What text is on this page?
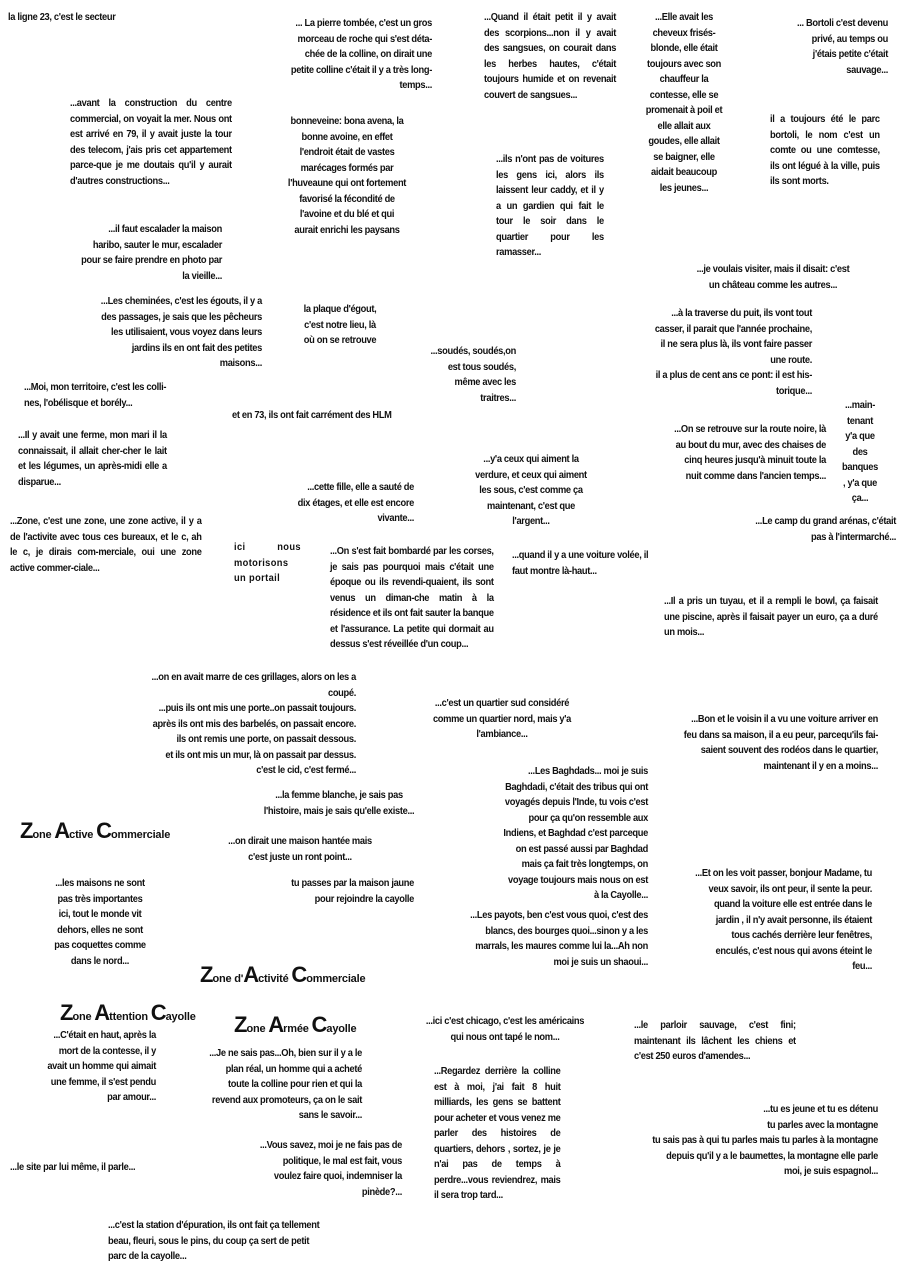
la ligne 23, c'est le secteur

... La pierre tombée, c'est un gros
morceau de roche qui s'est déta-
chée de la colline, on dirait une
petite colline c'était il y a très long-
temps...

...Quand il était petit il y avait des scorpions...non il y avait des sangsues, on courait dans les herbes hautes, c'était toujours humide et on revenait couvert de sangsues...

...Elle avait les
cheveux frisés-
blonde, elle était
toujours avec son
chauffeur la
contesse, elle se
promenait à poil et
elle allait aux
goudes, elle allait
se baigner, elle
aidait beaucoup
les jeunes...

... Bortoli c'est devenu
privé, au temps ou
j'étais petite c'était
sauvage...

il a toujours été le parc bortoli, le nom c'est un comte ou une comtesse, ils ont légué à la ville, puis ils sont morts.

...avant la construction du centre commercial, on voyait la mer. Nous ont est arrivé en 79, il y avait juste la tour des telecom, j'ais pris cet appartement parce-que je me doutais qu'il y aurait d'autres constructions...

bonneveine: bona avena, la
bonne avoine, en effet
l'endroit était de vastes
marécages formés par
l'huveaune qui ont fortement
favorisé la fécondité de
l'avoine et du blé et qui
aurait enrichi les paysans

...ils n'ont pas de voitures les gens ici, alors ils laissent leur caddy, et il y a un gardien qui fait le tour le soir dans le quartier pour les ramasser...

...il faut escalader la maison
haribo, sauter le mur, escalader
pour se faire prendre en photo par
la vieille...

...je voulais visiter, mais il disait: c'est
un château comme les autres...

...Les cheminées, c'est les égouts, il y a
des passages, je sais que les pêcheurs
les utilisaient, vous voyez dans leurs
jardins ils en ont fait des petites
maisons...

la plaque d'égout,
c'est notre lieu, là
où on se retrouve

...à la traverse du puit, ils vont tout
casser, il parait que l'année prochaine,
il ne sera plus là, ils vont faire passer
une route.
il a plus de cent ans ce pont: il est his-
torique...

...soudés, soudés,on
est tous soudés,
même avec les
traitres...

...Moi, mon territoire, c'est les colli-
nes, l'obélisque et borély...

et en 73, ils ont fait carrément des HLM

...main-
tenant
y'a que
des
banques
, y'a que
ça...

...Il y avait une ferme, mon mari il la connaissait, il allait cher-cher le lait et les légumes, un après-midi elle a disparue...

...On se retrouve sur la route noire, là
au bout du mur, avec des chaises de
cinq heures jusqu'à minuit toute la
nuit comme dans l'ancien temps...

...y'a ceux qui aiment la
verdure, et ceux qui aiment
les sous, c'est comme ça
maintenant, c'est que
l'argent...

...cette fille, elle a sauté de
dix étages, et elle est encore
vivante...	...Le camp du grand arénas, c'était
pas à l'intermarché...

...Zone, c'est une zone, une zone active, il y a de l'activite avec tous ces bureaux, et le c, ah le c, je dirais com-merciale, oui une zone active commer-ciale...

ici nous motorisons un portail

...On s'est fait bombardé par les corses, je sais pas pourquoi mais c'était une époque ou ils revendi-quaient, ils sont venus un diman-che matin à la résidence et ils ont fait sauter la banque et l'assurance. La petite qui dormait au dessus s'est réveillée d'un coup...

...quand il y a une voiture volée, il
faut montre là-haut...

...Il a pris un tuyau, et il a rempli le bowl, ça faisait une piscine, après il faisait payer un euro, ça a duré un mois...

...on en avait marre de ces grillages, alors on les a
coupé.
...puis ils ont mis une porte..on passait toujours.
après ils ont mis des barbelés, on passait encore.
ils ont remis une porte, on passait dessous.
et ils ont mis un mur, là on passait par dessus.
c'est le cid, c'est fermé...

...c'est un quartier sud considéré
comme un quartier nord, mais y'a
l'ambiance...

...Bon et le voisin il a vu une voiture arriver en
feu dans sa maison, il a eu peur, parcequ'ils fai-
saient souvent des rodéos dans le quartier,
maintenant il y en a moins...

...Les Baghdads... moi je suis
Baghdadi, c'était des tribus qui ont
voyagés depuis l'Inde, tu vois c'est
pour ça qu'on ressemble aux
Indiens, et Baghdad c'est parceque
on est passé aussi par Baghdad
mais ça fait très longtemps, on
voyage toujours mais nous on est
à la Cayolle...

...la femme blanche, je sais pas
l'histoire, mais je sais qu'elle existe...

Zone Active Commerciale

...on dirait une maison hantée mais
c'est juste un ront point...

...les maisons ne sont
pas très importantes
ici, tout le monde vit
dehors, elles ne sont
pas coquettes comme
dans le nord...

tu passes par la maison jaune
pour rejoindre la cayolle

...Et on les voit passer, bonjour Madame, tu
veux savoir, ils ont peur, il sente la peur.
quand la voiture elle est entrée dans le
jardin , il n'y avait personne, ils étaient
tous cachés derrière leur fenêtres,
enculés, c'est nous qui avons éteint le
feu...

...Les payots, ben c'est vous quoi, c'est des
blancs, des bourges quoi...sinon y a les
marrals, les maures comme lui la...Ah non
moi je suis un shaoui...

Zone d'Activité Commerciale
Zone Attention Cayolle Zone Armée Cayolle

...ici c'est chicago, c'est les américains
qui nous ont tapé le nom...

...le parloir sauvage, c'est fini; maintenant ils lâchent les chiens et c'est 250 euros d'amendes...

...C'était en haut, après la
mort de la contesse, il y
avait un homme qui aimait
une femme, il s'est pendu
par amour...

...Je ne sais pas...Oh, bien sur il y a le
plan réal, un homme qui a acheté
toute la colline pour rien et qui la
revend aux promoteurs, ça on le sait
sans le savoir...

...Regardez derrière la colline est à moi, j'ai fait 8 huit milliards, les gens se battent pour acheter et vous venez me parler des histoires de quartiers, dehors , sortez, je je n'ai pas de temps à perdre...vous reviendrez, mais il sera trop tard...

...tu es jeune et tu es détenu
tu parles avec la montagne
tu sais pas à qui tu parles mais tu parles à la montagne
depuis qu'il y a le baumettes, la montagne elle parle
moi, je suis espagnol...

...Vous savez, moi je ne fais pas de
politique, le mal est fait, vous
voulez faire quoi, indemniser la
pinède?...

...le site par lui même, il parle...

...c'est la station d'épuration, ils ont fait ça tellement
beau, fleuri, sous le pins, du coup ça sert de petit
parc de la cayolle...
